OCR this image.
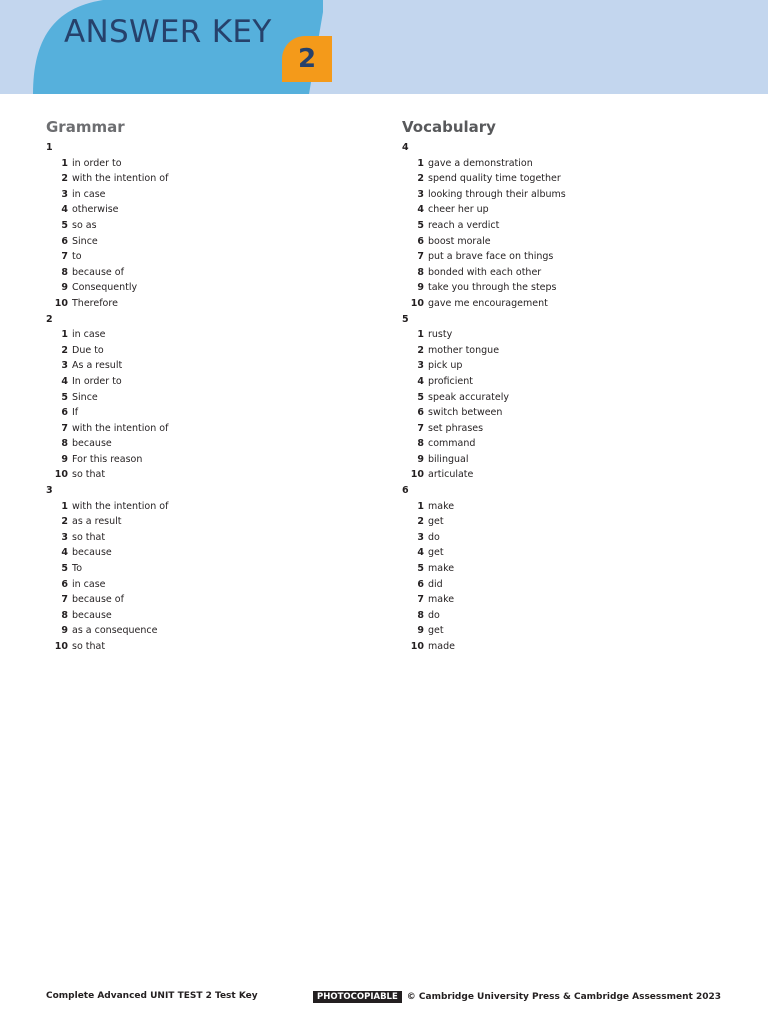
ANSWER KEY
2
Grammar
1
1 in order to
2 with the intention of
3 in case
4 otherwise
5 so as
6 Since
7 to
8 because of
9 Consequently
10 Therefore
2
1 in case
2 Due to
3 As a result
4 In order to
5 Since
6 If
7 with the intention of
8 because
9 For this reason
10 so that
3
1 with the intention of
2 as a result
3 so that
4 because
5 To
6 in case
7 because of
8 because
9 as a consequence
10 so that
Vocabulary
4
1 gave a demonstration
2 spend quality time together
3 looking through their albums
4 cheer her up
5 reach a verdict
6 boost morale
7 put a brave face on things
8 bonded with each other
9 take you through the steps
10 gave me encouragement
5
1 rusty
2 mother tongue
3 pick up
4 proficient
5 speak accurately
6 switch between
7 set phrases
8 command
9 bilingual
10 articulate
6
1 make
2 get
3 do
4 get
5 make
6 did
7 make
8 do
9 get
10 made
Complete Advanced UNIT TEST 2 Test Key	PHOTOCOPIABLE	© Cambridge University Press & Cambridge Assessment 2023
